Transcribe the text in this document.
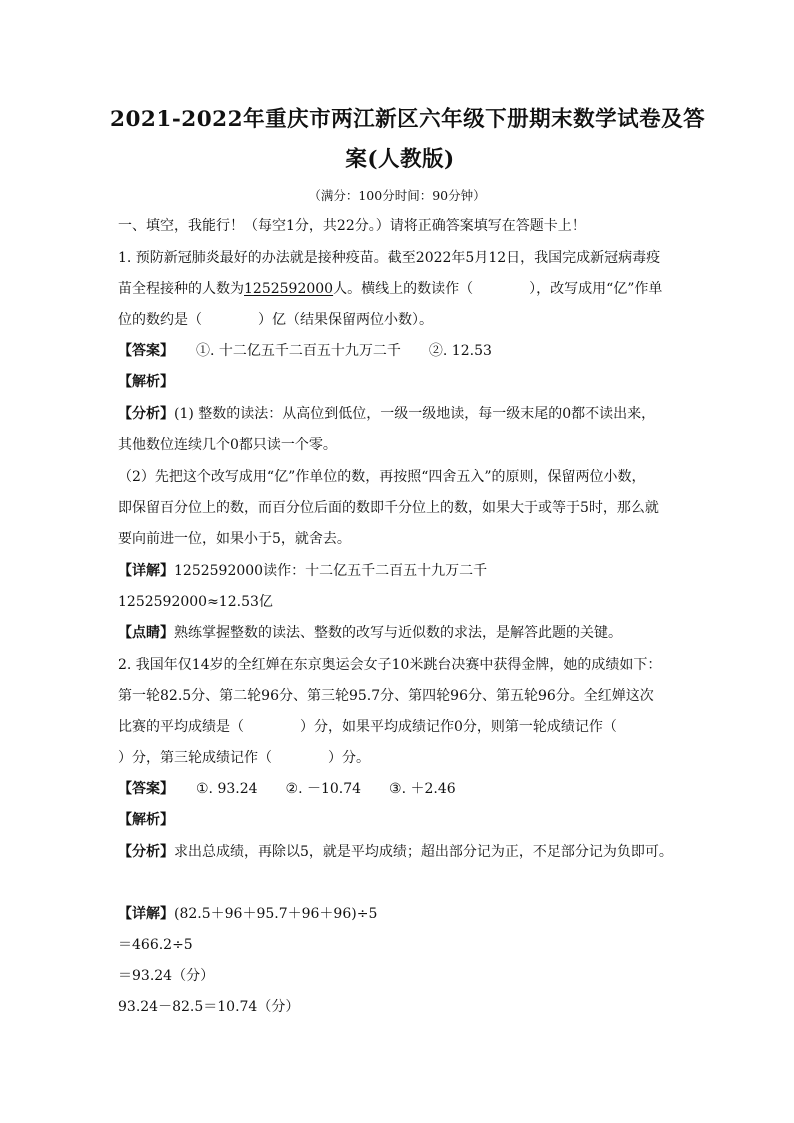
2021-2022年重庆市两江新区六年级下册期末数学试卷及答
案(人教版)
（满分：100分时间：90分钟）
一、填空，我能行！（每空1分，共22分。）请将正确答案填写在答题卡上！
1. 预防新冠肺炎最好的办法就是接种疫苗。截至2022年5月12日，我国完成新冠病毒疫
苗全程接种的人数为1252592000人。横线上的数读作（　　　　），改写成用“亿”作单
位的数约是（　　　　）亿（结果保留两位小数）。
【答案】 ①. 十二亿五千二百五十九万二千　　②. 12.53
【解析】
【分析】(1) 整数的读法：从高位到低位，一级一级地读，每一级末尾的0都不读出来，
其他数位连续几个0都只读一个零。
（2）先把这个改写成用“亿”作单位的数，再按照“四舍五入”的原则，保留两位小数，
即保留百分位上的数，而百分位后面的数即千分位上的数，如果大于或等于5时，那么就
要向前进一位，如果小于5，就舍去。
【详解】1252592000读作：十二亿五千二百五十九万二千
1252592000≈12.53亿
【点睛】熟练掌握整数的读法、整数的改写与近似数的求法，是解答此题的关键。
2. 我国年仅14岁的全红婵在东京奥运会女子10米跳台决赛中获得金牌，她的成绩如下：
第一轮82.5分、第二轮96分、第三轮95.7分、第四轮96分、第五轮96分。全红婵这次
比赛的平均成绩是（　　　　）分，如果平均成绩记作0分，则第一轮成绩记作（
）分，第三轮成绩记作（　　　　）分。
【答案】 ①. 93.24　　②. －10.74　　③. ＋2.46
【解析】
【分析】求出总成绩，再除以5，就是平均成绩；超出部分记为正，不足部分记为负即可。
【详解】(82.5＋96＋95.7＋96＋96)÷5
＝466.2÷5
＝93.24（分）
93.24－82.5＝10.74（分）
